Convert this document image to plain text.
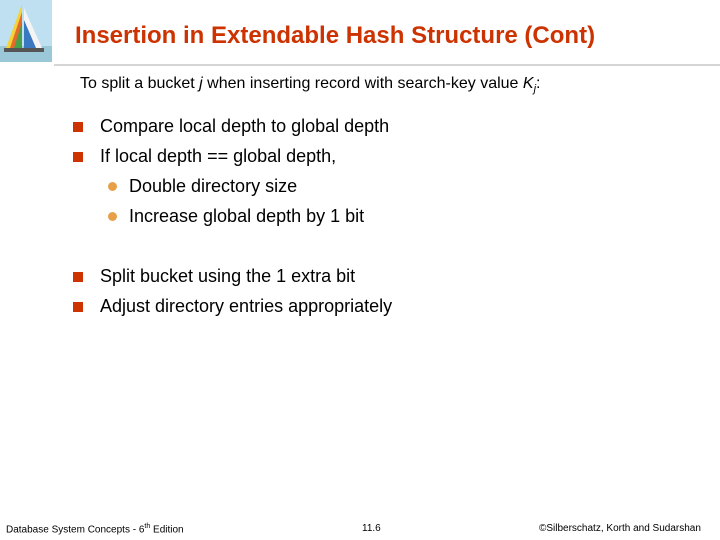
Insertion in Extendable Hash Structure (Cont)
To split a bucket j when inserting record with search-key value $K_j$:
Compare local depth to global depth
If local depth == global depth,
Double directory size
Increase global depth by 1 bit
Split bucket using the 1 extra bit
Adjust directory entries appropriately
Database System Concepts - 6th Edition	11.6	©Silberschatz, Korth and Sudarshan
